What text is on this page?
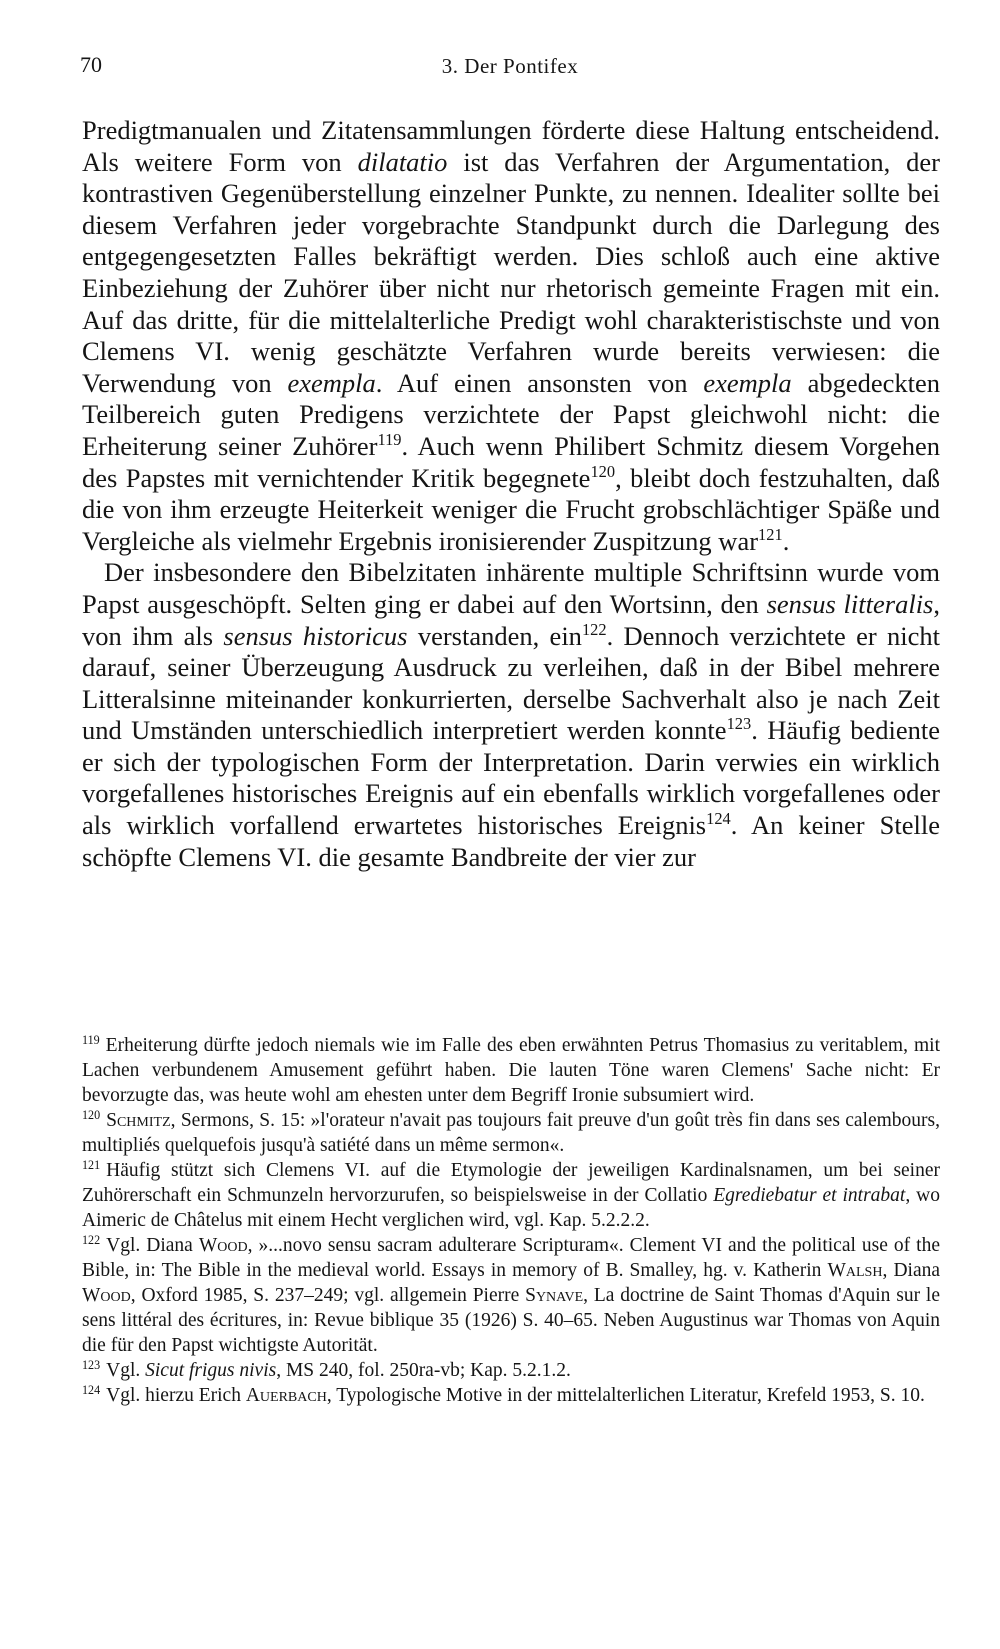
70	3. Der Pontifex

Predigtmanualen und Zitatensammlungen förderte diese Haltung entscheidend. Als weitere Form von dilatatio ist das Verfahren der Argumentation, der kontrastiven Gegenüberstellung einzelner Punkte, zu nennen. Idealiter sollte bei diesem Verfahren jeder vorgebrachte Standpunkt durch die Darlegung des entgegengesetzten Falles bekräftigt werden. Dies schloß auch eine aktive Einbeziehung der Zuhörer über nicht nur rhetorisch gemeinte Fragen mit ein. Auf das dritte, für die mittelalterliche Predigt wohl charakteristischste und von Clemens VI. wenig geschätzte Verfahren wurde bereits verwiesen: die Verwendung von exempla. Auf einen ansonsten von exempla abgedeckten Teilbereich guten Predigens verzichtete der Papst gleichwohl nicht: die Erheiterung seiner Zuhörer$^{119}$. Auch wenn Philibert Schmitz diesem Vorgehen des Papstes mit vernichtender Kritik begegnete$^{120}$, bleibt doch festzuhalten, daß die von ihm erzeugte Heiterkeit weniger die Frucht grobschlächtiger Späße und Vergleiche als vielmehr Ergebnis ironisierender Zuspitzung war$^{121}$.

Der insbesondere den Bibelzitaten inhärente multiple Schriftsinn wurde vom Papst ausgeschöpft. Selten ging er dabei auf den Wortsinn, den sensus litteralis, von ihm als sensus historicus verstanden, ein$^{122}$. Dennoch verzichtete er nicht darauf, seiner Überzeugung Ausdruck zu verleihen, daß in der Bibel mehrere Litteralsinne miteinander konkurrierten, derselbe Sachverhalt also je nach Zeit und Umständen unterschiedlich interpretiert werden konnte$^{123}$. Häufig bediente er sich der typologischen Form der Interpretation. Darin verwies ein wirklich vorgefallenes historisches Ereignis auf ein ebenfalls wirklich vorgefallenes oder als wirklich vorfallend erwartetes historisches Ereignis$^{124}$. An keiner Stelle schöpfte Clemens VI. die gesamte Bandbreite der vier zur

$^{119}$ Erheiterung dürfte jedoch niemals wie im Falle des eben erwähnten Petrus Thomasius zu veritablem, mit Lachen verbundenem Amusement geführt haben. Die lauten Töne waren Clemens' Sache nicht: Er bevorzugte das, was heute wohl am ehesten unter dem Begriff Ironie subsumiert wird.

$^{120}$ Schmitz, Sermons, S. 15: »l'orateur n'avait pas toujours fait preuve d'un goût très fin dans ses calembours, multipliés quelquefois jusqu'à satiété dans un même sermon«.

$^{121}$ Häufig stützt sich Clemens VI. auf die Etymologie der jeweiligen Kardinalsnamen, um bei seiner Zuhörerschaft ein Schmunzeln hervorzurufen, so beispielsweise in der Collatio Egrediebatur et intrabat, wo Aimeric de Châtelus mit einem Hecht verglichen wird, vgl. Kap. 5.2.2.2.

$^{122}$ Vgl. Diana Wood, »...novo sensu sacram adulterare Scripturam«. Clement VI and the political use of the Bible, in: The Bible in the medieval world. Essays in memory of B. Smalley, hg. v. Katherin Walsh, Diana Wood, Oxford 1985, S. 237–249; vgl. allgemein Pierre Synave, La doctrine de Saint Thomas d'Aquin sur le sens littéral des écritures, in: Revue biblique 35 (1926) S. 40–65. Neben Augustinus war Thomas von Aquin die für den Papst wichtigste Autorität.

$^{123}$ Vgl. Sicut frigus nivis, MS 240, fol. 250ra-vb; Kap. 5.2.1.2.

$^{124}$ Vgl. hierzu Erich Auerbach, Typologische Motive in der mittelalterlichen Literatur, Krefeld 1953, S. 10.
